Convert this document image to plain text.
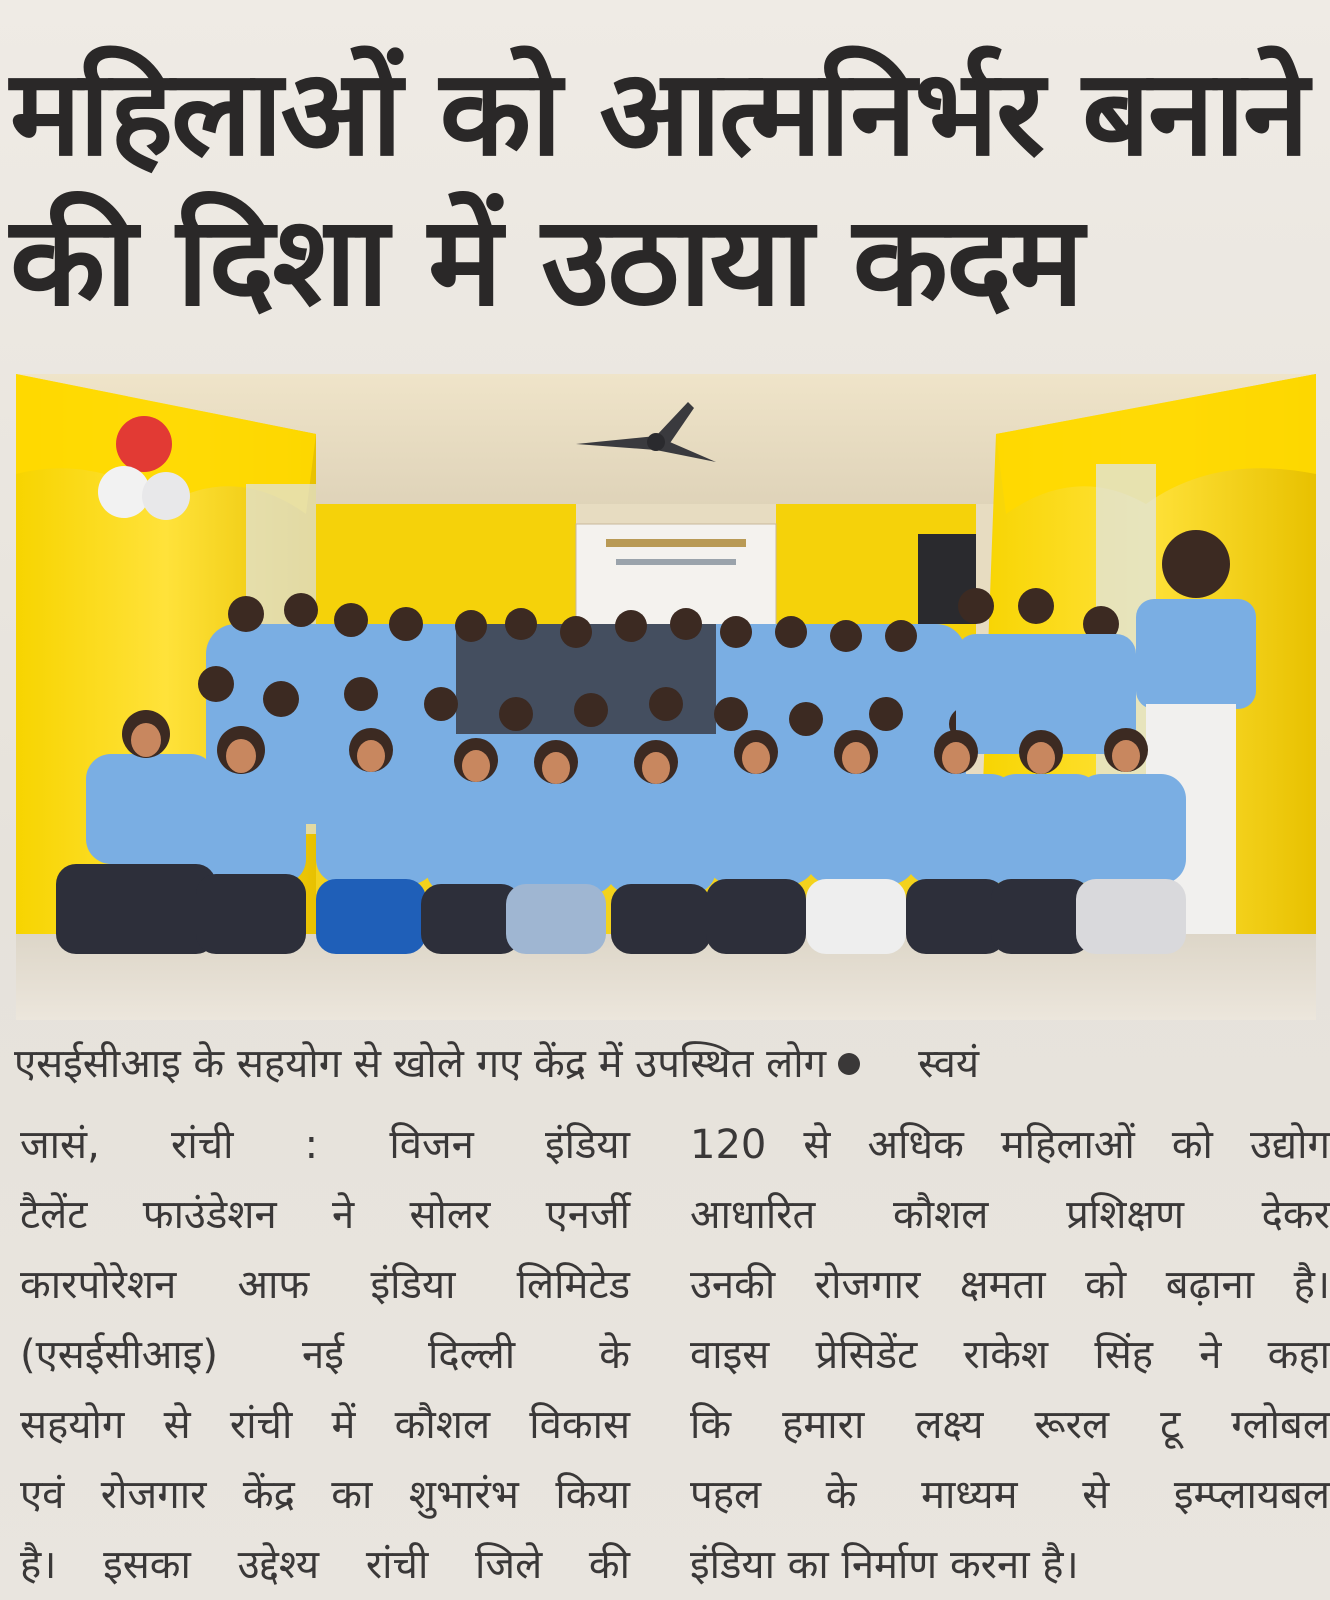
महिलाओं को आत्मनिर्भर बनाने
की दिशा में उठाया कदम
एसईसीआइ के सहयोग से खोले गए केंद्र में उपस्थित लोग स्वयं
जासं, रांची : विजन इंडिया
टैलेंट फाउंडेशन ने सोलर एनर्जी
कारपोरेशन आफ इंडिया लिमिटेड
(एसईसीआइ) नई दिल्ली के
सहयोग से रांची में कौशल विकास
एवं रोजगार केंद्र का शुभारंभ किया
है। इसका उद्देश्य रांची जिले की
120 से अधिक महिलाओं को उद्योग
आधारित कौशल प्रशिक्षण देकर
उनकी रोजगार क्षमता को बढ़ाना है।
वाइस प्रेसिडेंट राकेश सिंह ने कहा
कि हमारा लक्ष्य रूरल टू ग्लोबल
पहल के माध्यम से इम्प्लायबल
इंडिया का निर्माण करना है।
